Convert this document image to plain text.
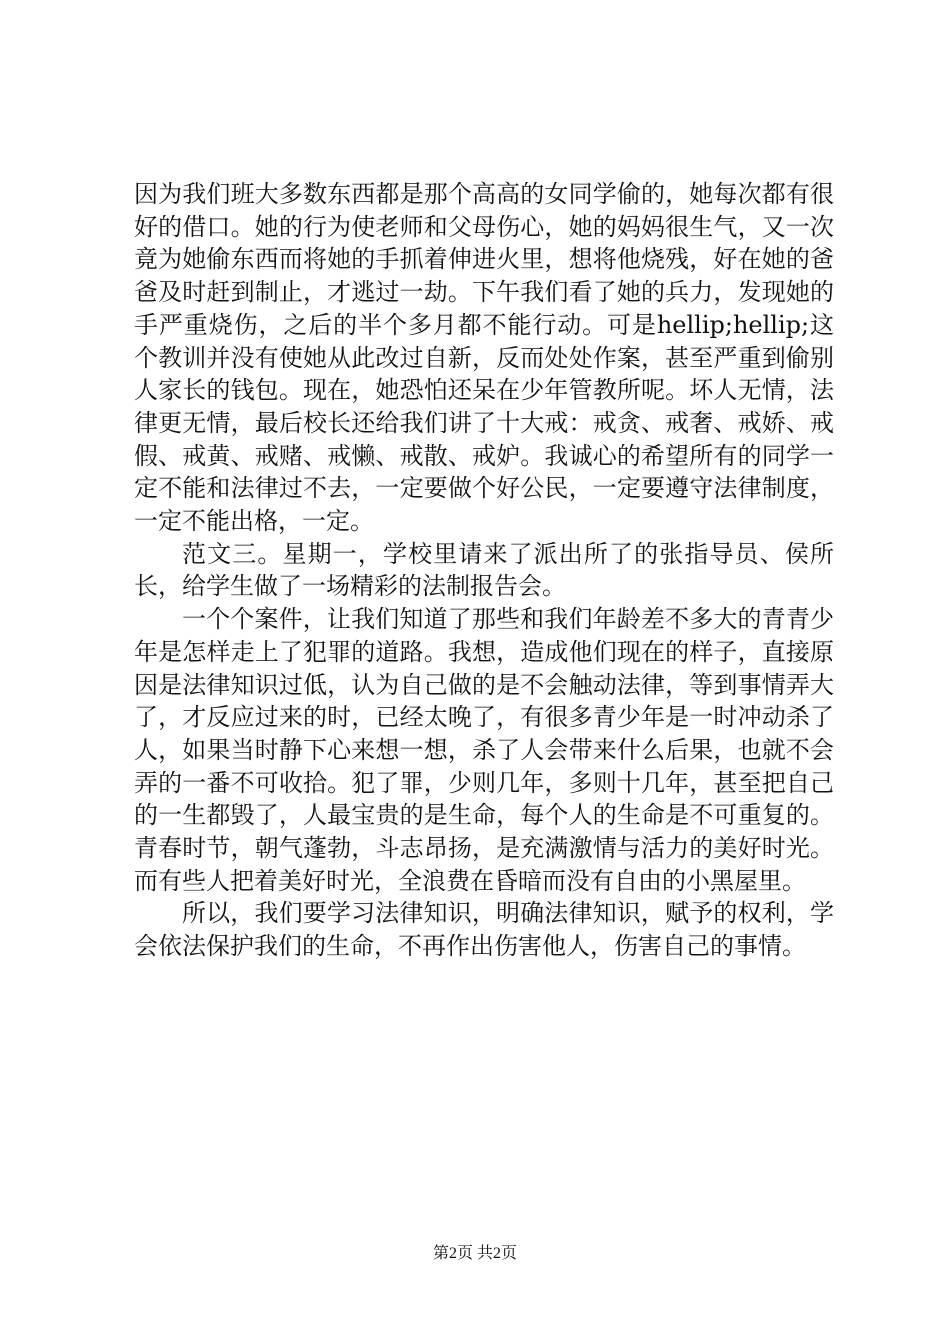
因为我们班大多数东西都是那个高高的女同学偷的，她每次都有很好的借口。她的行为使老师和父母伤心，她的妈妈很生气，又一次竟为她偷东西而将她的手抓着伸进火里，想将他烧残，好在她的爸爸及时赶到制止，才逃过一劫。下午我们看了她的兵力，发现她的手严重烧伤，之后的半个多月都不能行动。可是hellip;hellip;这个教训并没有使她从此改过自新，反而处处作案，甚至严重到偷别人家长的钱包。现在，她恐怕还呆在少年管教所呢。坏人无情，法律更无情，最后校长还给我们讲了十大戒：戒贪、戒奢、戒娇、戒假、戒黄、戒赌、戒懒、戒散、戒妒。我诚心的希望所有的同学一定不能和法律过不去，一定要做个好公民，一定要遵守法律制度，一定不能出格，一定。

范文三。星期一，学校里请来了派出所了的张指导员、侯所长，给学生做了一场精彩的法制报告会。

一个个案件，让我们知道了那些和我们年龄差不多大的青青少年是怎样走上了犯罪的道路。我想，造成他们现在的样子，直接原因是法律知识过低，认为自己做的是不会触动法律，等到事情弄大了，才反应过来的时，已经太晚了，有很多青少年是一时冲动杀了人，如果当时静下心来想一想，杀了人会带来什么后果，也就不会弄的一番不可收拾。犯了罪，少则几年，多则十几年，甚至把自己的一生都毁了，人最宝贵的是生命，每个人的生命是不可重复的。青春时节，朝气蓬勃，斗志昂扬，是充满激情与活力的美好时光。而有些人把着美好时光，全浪费在昏暗而没有自由的小黑屋里。

所以，我们要学习法律知识，明确法律知识，赋予的权利，学会依法保护我们的生命，不再作出伤害他人，伤害自己的事情。

第2页 共2页
